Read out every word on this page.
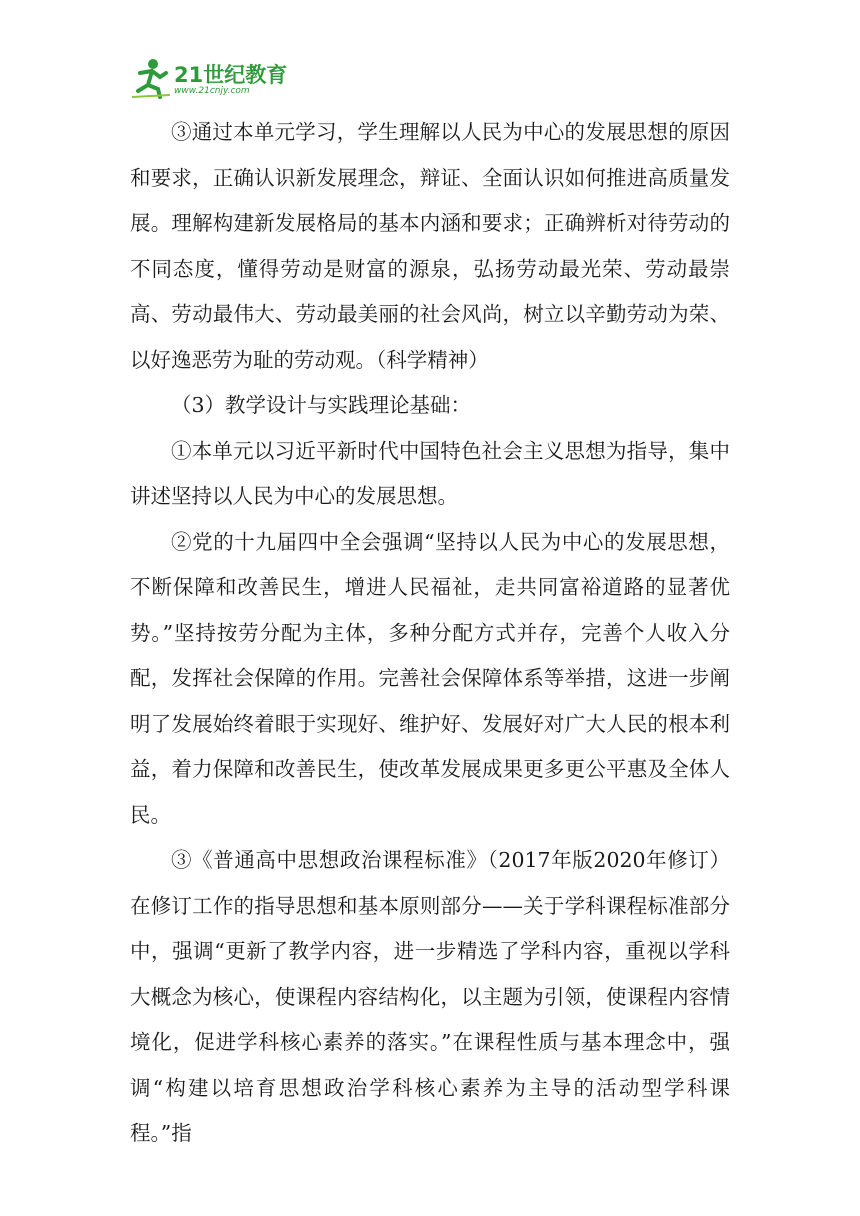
21世纪教育
www.21cnjy.com

③通过本单元学习，学生理解以人民为中心的发展思想的原因和要求，正确认识新发展理念，辩证、全面认识如何推进高质量发展。理解构建新发展格局的基本内涵和要求；正确辨析对待劳动的不同态度，懂得劳动是财富的源泉，弘扬劳动最光荣、劳动最崇高、劳动最伟大、劳动最美丽的社会风尚，树立以辛勤劳动为荣、以好逸恶劳为耻的劳动观。（科学精神）

（3）教学设计与实践理论基础：

①本单元以习近平新时代中国特色社会主义思想为指导，集中讲述坚持以人民为中心的发展思想。

②党的十九届四中全会强调“坚持以人民为中心的发展思想，不断保障和改善民生，增进人民福祉，走共同富裕道路的显著优势。”坚持按劳分配为主体，多种分配方式并存，完善个人收入分配，发挥社会保障的作用。完善社会保障体系等举措，这进一步阐明了发展始终着眼于实现好、维护好、发展好对广大人民的根本利益，着力保障和改善民生，使改革发展成果更多更公平惠及全体人民。

③《普通高中思想政治课程标准》（2017年版2020年修订）在修订工作的指导思想和基本原则部分——关于学科课程标准部分中，强调“更新了教学内容，进一步精选了学科内容，重视以学科大概念为核心，使课程内容结构化，以主题为引领，使课程内容情境化，促进学科核心素养的落实。”在课程性质与基本理念中，强调“构建以培育思想政治学科核心素养为主导的活动型学科课程。”指
